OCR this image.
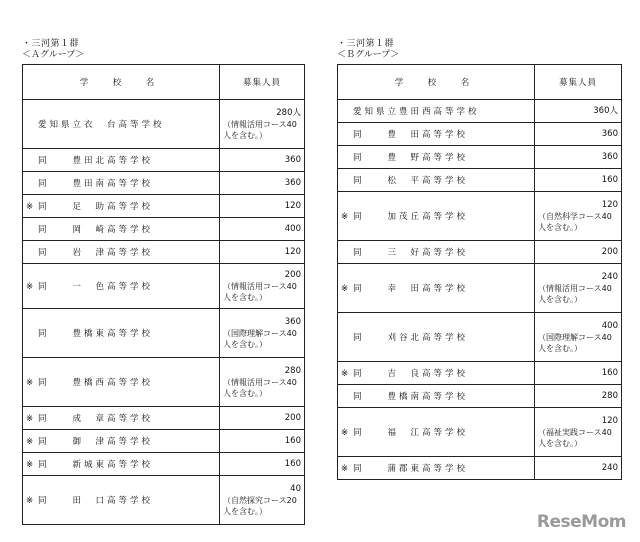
・三河第１群
＜Ａグループ＞
学　校　名	募集人員
愛知県立衣　台高等学校	280人
（情報活用コース40人を含む。）

同　　豊田北高等学校	360
同　　豊田南高等学校	360
※ 同　　足　助高等学校	120
同　　岡　崎高等学校	400
同　　岩　津高等学校	120
※ 同　　一　色高等学校	200
（情報活用コース40人を含む。）

同　　豊橋東高等学校	360
（国際理解コース40人を含む。）

※ 同　　豊橋西高等学校	280
（情報活用コース40人を含む。）

※ 同　　成　章高等学校	200
※ 同　　御　津高等学校	160
※ 同　　新城東高等学校	160
※ 同　　田　口高等学校	40
（自然探究コース20人を含む。）
・三河第１群
＜Ｂグループ＞
学　校　名	募集人員
愛知県立豊田西高等学校	360人
同　　豊　田高等学校	360
同　　豊　野高等学校	360
同　　松　平高等学校	160
※ 同　　加茂丘高等学校	120
（自然科学コース40人を含む。）

同　　三　好高等学校	200
※ 同　　幸　田高等学校	240
（情報活用コース40人を含む。）

同　　刈谷北高等学校	400
（国際理解コース40人を含む。）

※ 同　　吉　良高等学校	160
同　　豊橋南高等学校	280
※ 同　　福　江高等学校	120
（福祉実践コース40人を含む。）

※ 同　　蒲郡東高等学校	240
ReseMom
